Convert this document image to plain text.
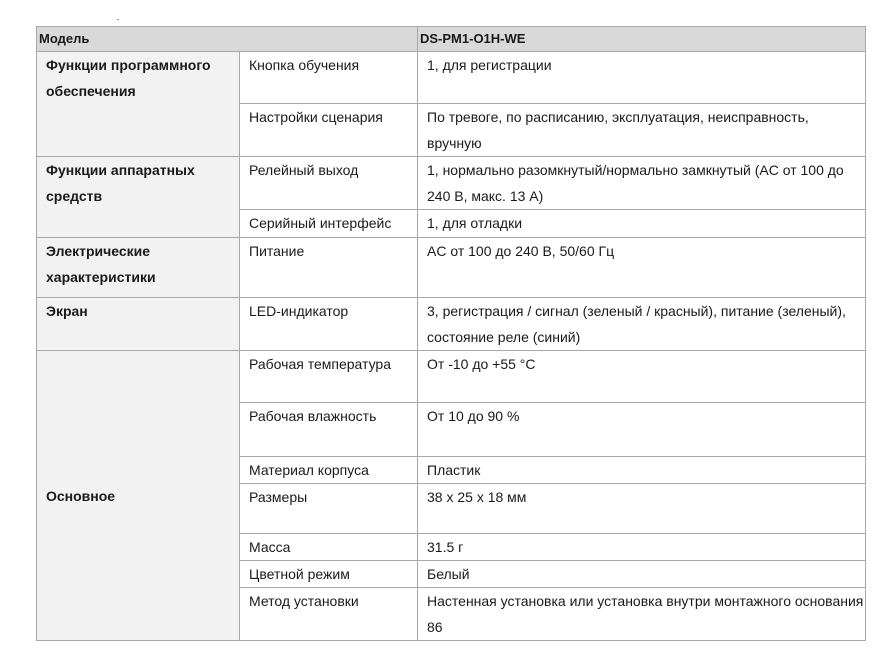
Модель		DS-PM1-O1H-WE
Функции программного обеспечения	Кнопка обучения	1, для регистрации
	Настройки сценария	По тревоге, по расписанию, эксплуатация, неисправность, вручную
Функции аппаратных средств	Релейный выход	1, нормально разомкнутый/нормально замкнутый (AC от 100 до 240 В, макс. 13 А)
	Серийный интерфейс	1, для отладки
Электрические характеристики	Питание	AC от 100 до 240 В, 50/60 Гц
Экран	LED-индикатор	3, регистрация / сигнал (зеленый / красный), питание (зеленый), состояние реле (синий)
Основное	Рабочая температура	От -10 до +55 °C
	Рабочая влажность	От 10 до 90 %
	Материал корпуса	Пластик
	Размеры	38 x 25 x 18 мм
	Масса	31.5 г
	Цветной режим	Белый
	Метод установки	Настенная установка или установка внутри монтажного основания 86
